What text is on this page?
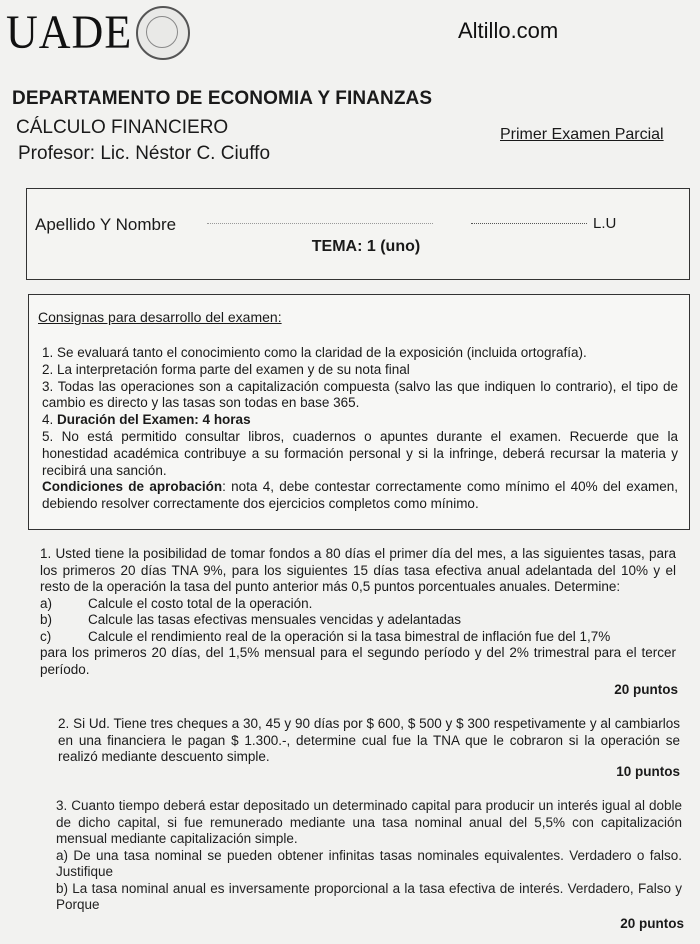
UADE	Altillo.com
DEPARTAMENTO DE ECONOMIA Y FINANZAS
CÁLCULO FINANCIERO
Profesor: Lic. Néstor C. Ciuffo
Primer Examen Parcial
Apellido Y Nombre	L.U
TEMA: 1 (uno)
Consignas para desarrollo del examen:

1. Se evaluará tanto el conocimiento como la claridad de la exposición (incluida ortografía).

2. La interpretación forma parte del examen y de su nota final

3. Todas las operaciones son a capitalización compuesta (salvo las que indiquen lo contrario), el tipo de cambio es directo y las tasas son todas en base 365.

4. Duración del Examen: 4 horas

5. No está permitido consultar libros, cuadernos o apuntes durante el examen. Recuerde que la honestidad académica contribuye a su formación personal y si la infringe, deberá recursar la materia y recibirá una sanción.

Condiciones de aprobación: nota 4, debe contestar correctamente como mínimo el 40% del examen, debiendo resolver correctamente dos ejercicios completos como mínimo.

1. Usted tiene la posibilidad de tomar fondos a 80 días el primer día del mes, a las siguientes tasas, para los primeros 20 días TNA 9%, para los siguientes 15 días tasa efectiva anual adelantada del 10% y el resto de la operación la tasa del punto anterior más 0,5 puntos porcentuales anuales. Determine:

a)	Calcule el costo total de la operación.
b)	Calcule las tasas efectivas mensuales vencidas y adelantadas
c)	Calcule el rendimiento real de la operación si la tasa bimestral de inflación fue del 1,7%

para los primeros 20 días, del 1,5% mensual para el segundo período y del 2% trimestral para el tercer período.

20 puntos

2. Si Ud. Tiene tres cheques a 30, 45 y 90 días por $ 600, $ 500 y $ 300 respetivamente y al cambiarlos en una financiera le pagan $ 1.300.-, determine cual fue la TNA que le cobraron si la operación se realizó mediante descuento simple.

10 puntos

3. Cuanto tiempo deberá estar depositado un determinado capital para producir un interés igual al doble de dicho capital, si fue remunerado mediante una tasa nominal anual del 5,5% con capitalización mensual mediante capitalización simple.

a) De una tasa nominal se pueden obtener infinitas tasas nominales equivalentes. Verdadero o falso. Justifique

b) La tasa nominal anual es inversamente proporcional a la tasa efectiva de interés. Verdadero, Falso y Porque

20 puntos
